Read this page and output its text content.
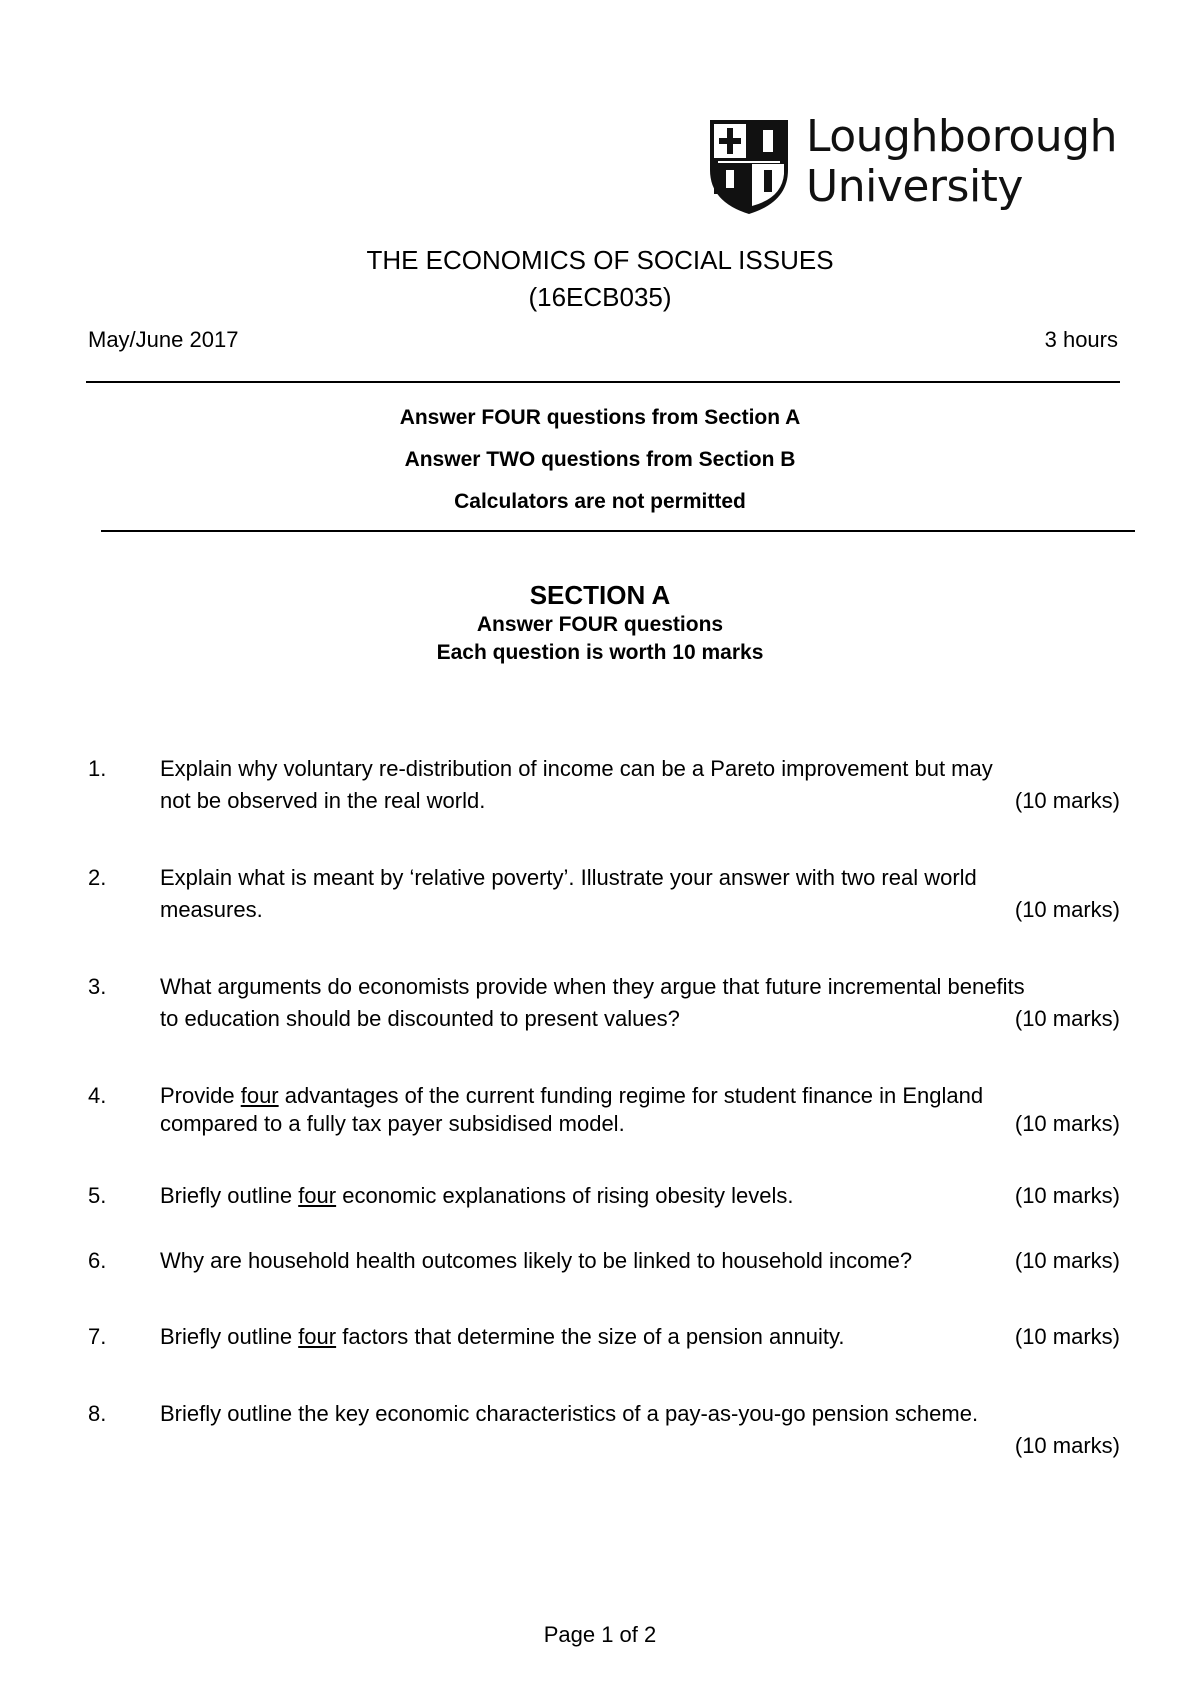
Loughborough
University
THE ECONOMICS OF SOCIAL ISSUES
(16ECB035)
May/June 2017	3 hours
Answer FOUR questions from Section A
Answer TWO questions from Section B
Calculators are not permitted
SECTION A
Answer FOUR questions
Each question is worth 10 marks
1. Explain why voluntary re-distribution of income can be a Pareto improvement but may
not be observed in the real world.	(10 marks)
2. Explain what is meant by ‘relative poverty’. Illustrate your answer with two real world
measures.	(10 marks)
3. What arguments do economists provide when they argue that future incremental benefits
to education should be discounted to present values?	(10 marks)
4. Provide four advantages of the current funding regime for student finance in England
compared to a fully tax payer subsidised model.	(10 marks)
5. Briefly outline four economic explanations of rising obesity levels.	(10 marks)
6. Why are household health outcomes likely to be linked to household income?	(10 marks)
7. Briefly outline four factors that determine the size of a pension annuity.	(10 marks)
8. Briefly outline the key economic characteristics of a pay-as-you-go pension scheme.
(10 marks)
Page 1 of 2
